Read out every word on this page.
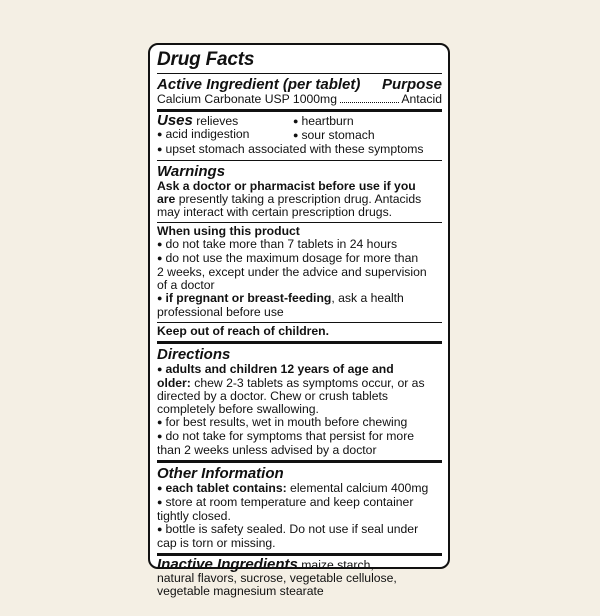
Drug Facts
Active Ingredient (per tablet) Purpose
Calcium Carbonate USP 1000mg	Antacid
Uses relieves
● acid indigestion
● heartburn
● sour stomach
● upset stomach associated with these symptoms
Warnings
Ask a doctor or pharmacist before use if you
are presently taking a prescription drug. Antacids
may interact with certain prescription drugs.
When using this product
● do not take more than 7 tablets in 24 hours
● do not use the maximum dosage for more than
2 weeks, except under the advice and supervision
of a doctor
● if pregnant or breast-feeding, ask a health
professional before use
Keep out of reach of children.
Directions
● adults and children 12 years of age and
older: chew 2-3 tablets as symptoms occur, or as
directed by a doctor. Chew or crush tablets
completely before swallowing.
● for best results, wet in mouth before chewing
● do not take for symptoms that persist for more
than 2 weeks unless advised by a doctor
Other Information
● each tablet contains: elemental calcium 400mg
● store at room temperature and keep container
tightly closed.
● bottle is safety sealed. Do not use if seal under
cap is torn or missing.
Inactive Ingredients maize starch,
natural flavors, sucrose, vegetable cellulose,
vegetable magnesium stearate
